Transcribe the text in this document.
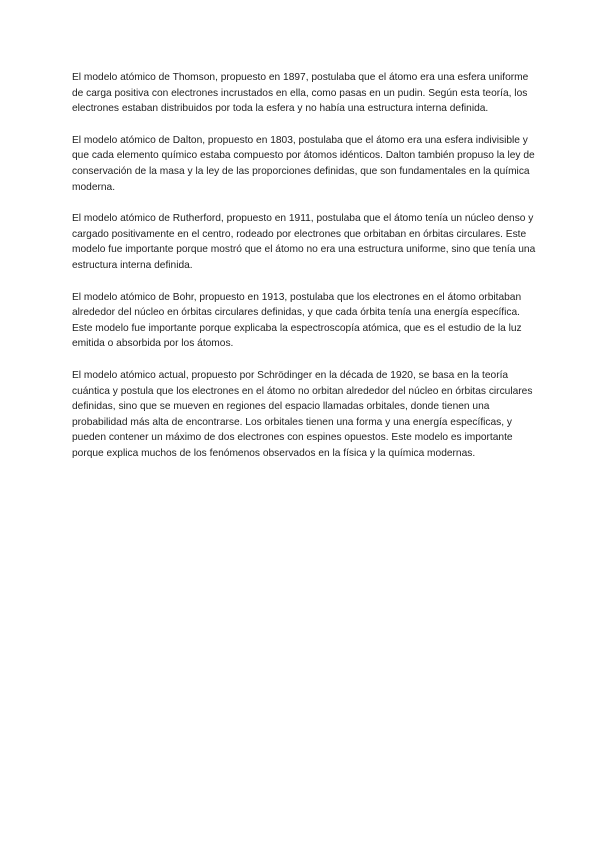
El modelo atómico de Thomson, propuesto en 1897, postulaba que el átomo era una esfera uniforme de carga positiva con electrones incrustados en ella, como pasas en un pudin. Según esta teoría, los electrones estaban distribuidos por toda la esfera y no había una estructura interna definida.

El modelo atómico de Dalton, propuesto en 1803, postulaba que el átomo era una esfera indivisible y que cada elemento químico estaba compuesto por átomos idénticos. Dalton también propuso la ley de conservación de la masa y la ley de las proporciones definidas, que son fundamentales en la química moderna.

El modelo atómico de Rutherford, propuesto en 1911, postulaba que el átomo tenía un núcleo denso y cargado positivamente en el centro, rodeado por electrones que orbitaban en órbitas circulares. Este modelo fue importante porque mostró que el átomo no era una estructura uniforme, sino que tenía una estructura interna definida.

El modelo atómico de Bohr, propuesto en 1913, postulaba que los electrones en el átomo orbitaban alrededor del núcleo en órbitas circulares definidas, y que cada órbita tenía una energía específica. Este modelo fue importante porque explicaba la espectroscopía atómica, que es el estudio de la luz emitida o absorbida por los átomos.

El modelo atómico actual, propuesto por Schrödinger en la década de 1920, se basa en la teoría cuántica y postula que los electrones en el átomo no orbitan alrededor del núcleo en órbitas circulares definidas, sino que se mueven en regiones del espacio llamadas orbitales, donde tienen una probabilidad más alta de encontrarse. Los orbitales tienen una forma y una energía específicas, y pueden contener un máximo de dos electrones con espines opuestos. Este modelo es importante porque explica muchos de los fenómenos observados en la física y la química modernas.
